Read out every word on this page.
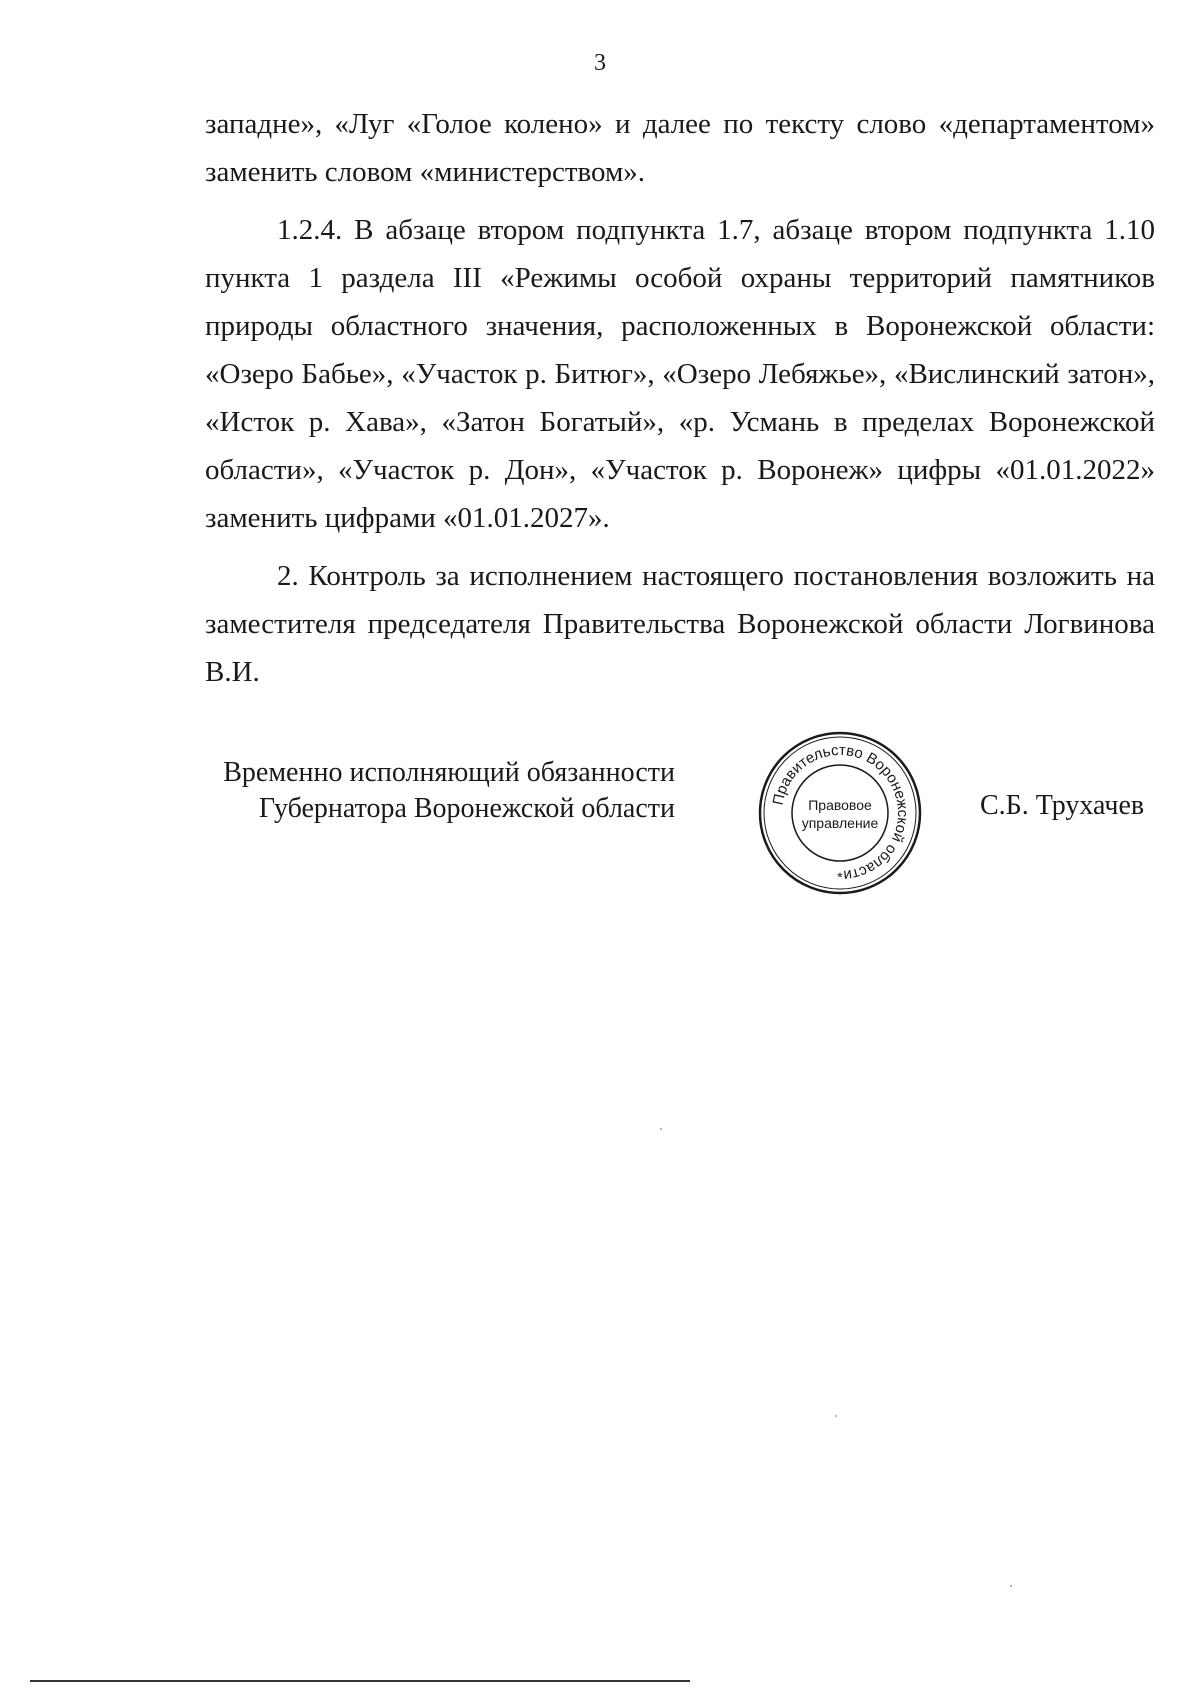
3

западне», «Луг «Голое колено» и далее по тексту слово «департаментом» заменить словом «министерством».

1.2.4. В абзаце втором подпункта 1.7, абзаце втором подпункта 1.10 пункта 1 раздела III «Режимы особой охраны территорий памятников природы областного значения, расположенных в Воронежской области: «Озеро Бабье», «Участок р. Битюг», «Озеро Лебяжье», «Вислинский затон», «Исток р. Хава», «Затон Богатый», «р. Усмань в пределах Воронежской области», «Участок р. Дон», «Участок р. Воронеж» цифры «01.01.2022» заменить цифрами «01.01.2027».

2. Контроль за исполнением настоящего постановления возложить на заместителя председателя Правительства Воронежской области Логвинова В.И.

Временно исполняющий обязанности
Губернатора Воронежской области	Правительство Воронежской области
Правовое
управление
*
С.Б. Трухачев
